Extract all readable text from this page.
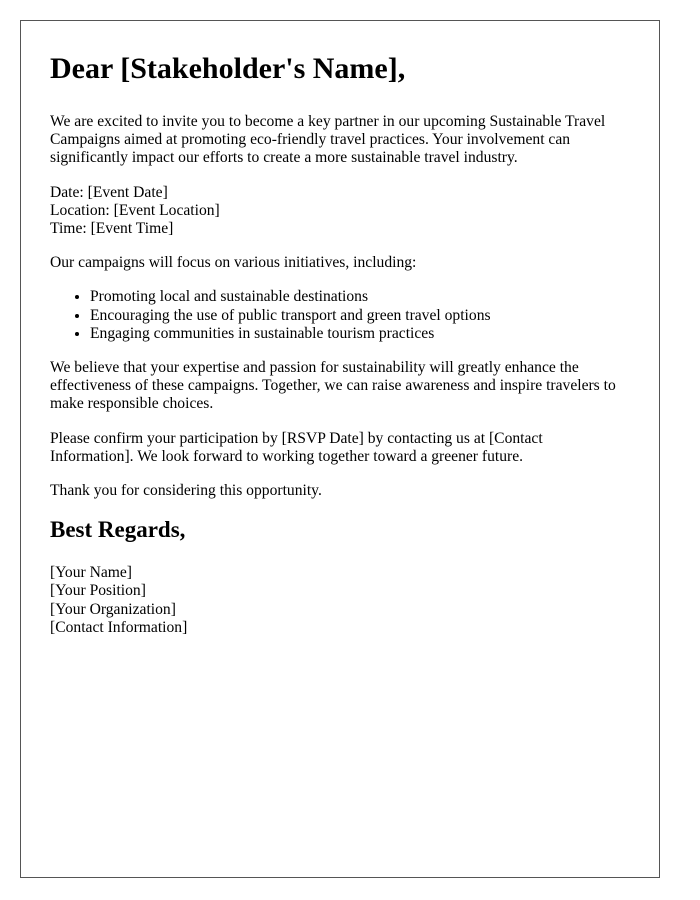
Dear [Stakeholder's Name],

We are excited to invite you to become a key partner in our upcoming Sustainable Travel Campaigns aimed at promoting eco-friendly travel practices. Your involvement can significantly impact our efforts to create a more sustainable travel industry.

Date: [Event Date]
Location: [Event Location]
Time: [Event Time]

Our campaigns will focus on various initiatives, including:

• Promoting local and sustainable destinations
• Encouraging the use of public transport and green travel options
• Engaging communities in sustainable tourism practices

We believe that your expertise and passion for sustainability will greatly enhance the effectiveness of these campaigns. Together, we can raise awareness and inspire travelers to make responsible choices.

Please confirm your participation by [RSVP Date] by contacting us at [Contact Information]. We look forward to working together toward a greener future.

Thank you for considering this opportunity.

Best Regards,

[Your Name]
[Your Position]
[Your Organization]
[Contact Information]
